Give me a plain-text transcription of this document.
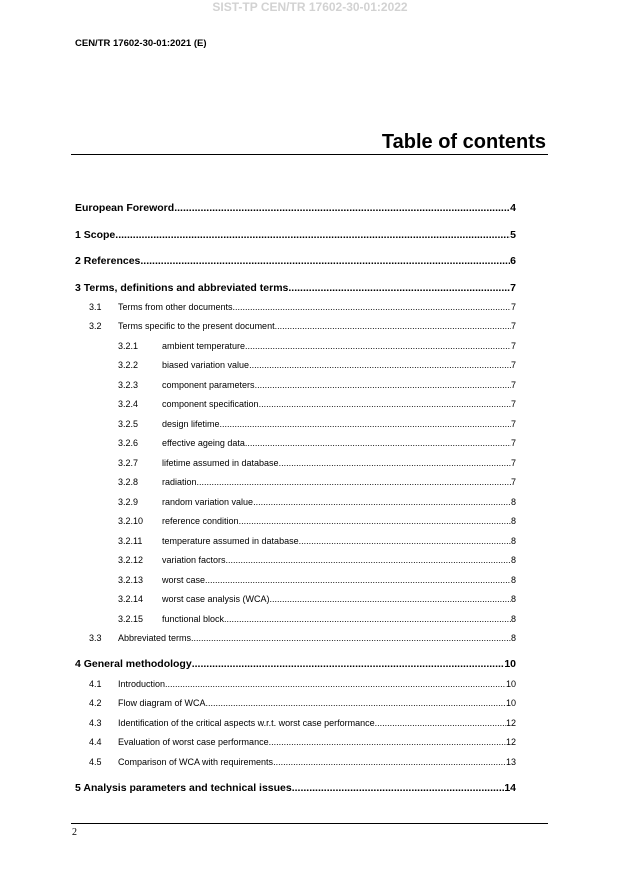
SIST-TP CEN/TR 17602-30-01:2022
CEN/TR 17602-30-01:2021 (E)
Table of contents
European Foreword .....	4
1 Scope .....	5
2 References .....	6
3 Terms, definitions and abbreviated terms .....	7
3.1	Terms from other documents .....	7
3.2	Terms specific to the present document .....	7
3.2.1	ambient temperature .....	7
3.2.2	biased variation value .....	7
3.2.3	component parameters .....	7
3.2.4	component specification .....	7
3.2.5	design lifetime .....	7
3.2.6	effective ageing data .....	7
3.2.7	lifetime assumed in database .....	7
3.2.8	radiation .....	7
3.2.9	random variation value .....	8
3.2.10	reference condition .....	8
3.2.11	temperature assumed in database .....	8
3.2.12	variation factors .....	8
3.2.13	worst case .....	8
3.2.14	worst case analysis (WCA) .....	8
3.2.15	functional block .....	8
3.3	Abbreviated terms .....	8
4 General methodology .....	10
4.1	Introduction .....	10
4.2	Flow diagram of WCA .....	10
4.3	Identification of the critical aspects w.r.t. worst case performance .....	12
4.4	Evaluation of worst case performance .....	12
4.5	Comparison of WCA with requirements .....	13
5 Analysis parameters and technical issues .....	14
2
